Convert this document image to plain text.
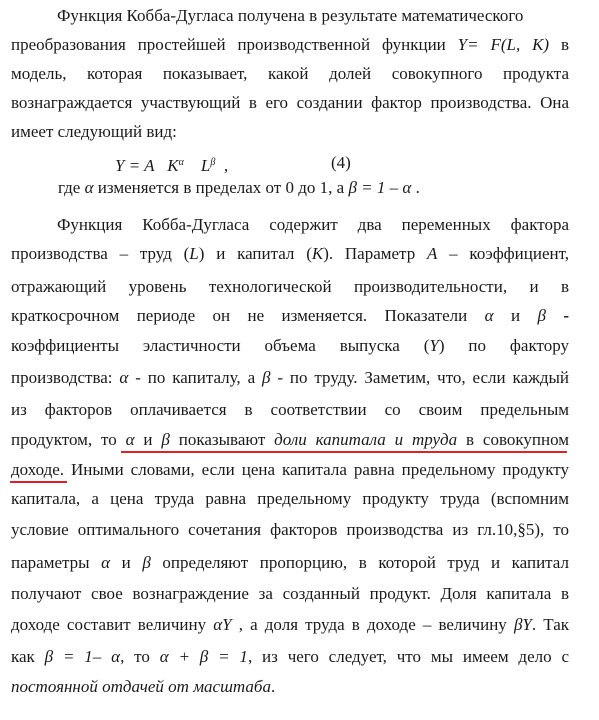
Функция Кобба-Дугласа получена в результате математического
преобразования простейшей производственной функции Y= F(L, K) в
модель, которая показывает, какой долей совокупного продукта
вознаграждается участвующий в его создании фактор производства. Она
имеет следующий вид:
Y = A $K^\alpha$ $L^\beta$ ,	(4)
где α изменяется в пределах от 0 до 1, а β = 1 – α .
Функция Кобба-Дугласа содержит два переменных фактора
производства – труд (L) и капитал (K). Параметр А – коэффициент,
отражающий уровень технологической производительности, и в
краткосрочном периоде он не изменяется. Показатели α и β -
коэффициенты эластичности объема выпуска (Y) по фактору
производства: α - по капиталу, а β - по труду. Заметим, что, если каждый
из факторов оплачивается в соответствии со своим предельным
продуктом, то α и β показывают доли капитала и труда в совокупном
доходе. Иными словами, если цена капитала равна предельному продукту
капитала, а цена труда равна предельному продукту труда (вспомним
условие оптимального сочетания факторов производства из гл.10,§5), то
параметры α и β определяют пропорцию, в которой труд и капитал
получают свое вознаграждение за созданный продукт. Доля капитала в
доходе составит величину αY , а доля труда в доходе – величину βY. Так
как β = 1– α, то α + β = 1, из чего следует, что мы имеем дело с
постоянной отдачей от масштаба.
